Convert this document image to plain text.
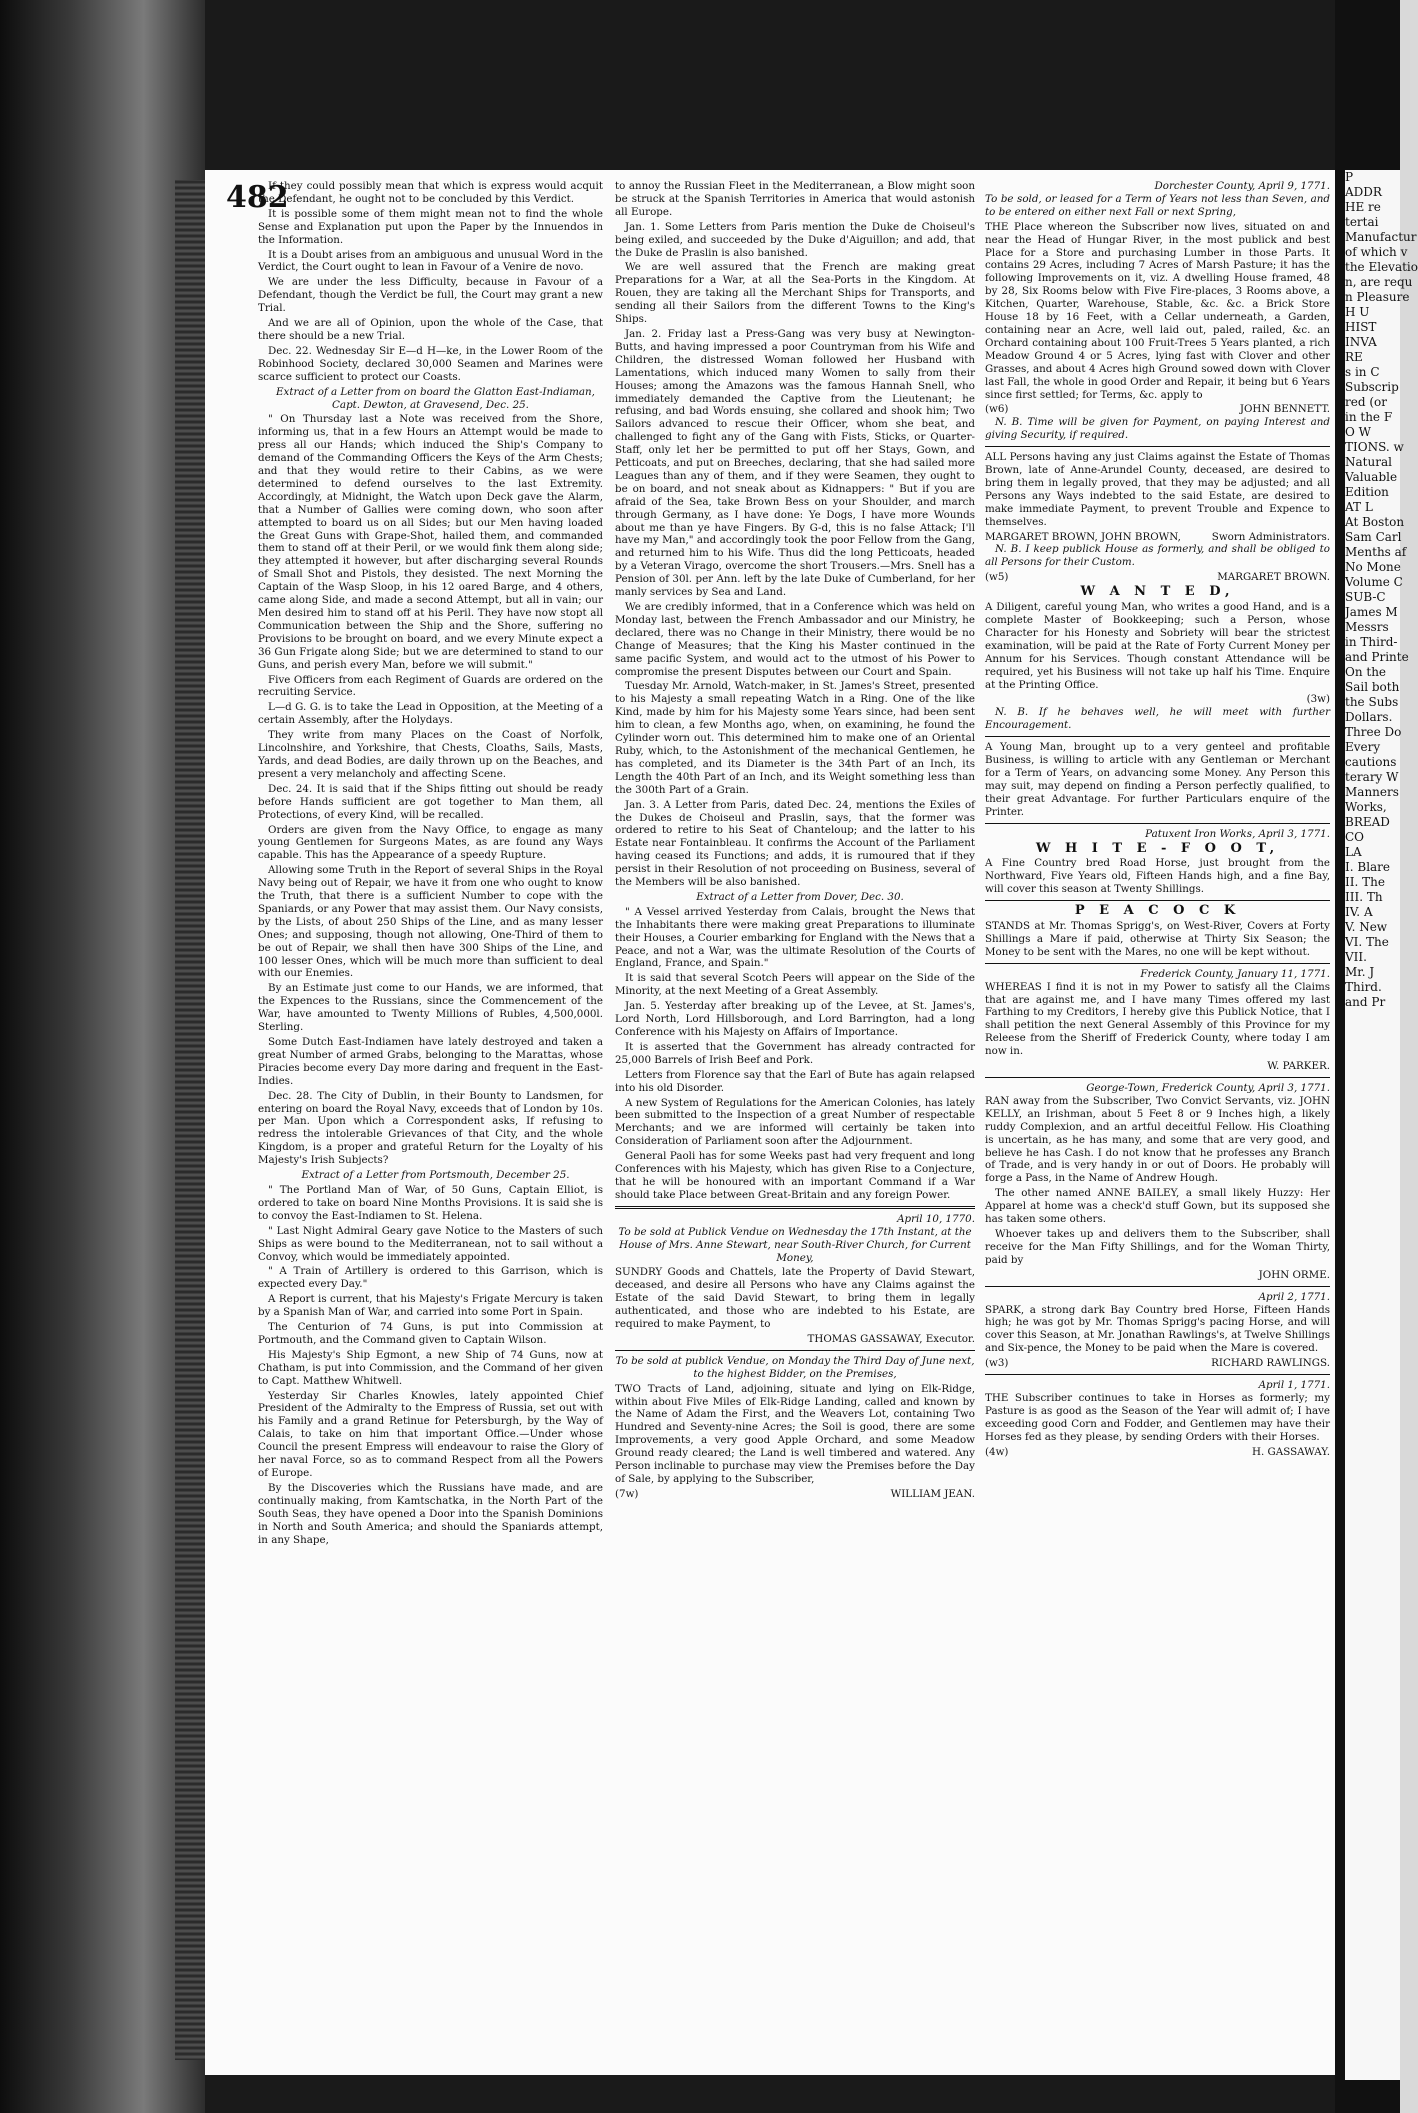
P
ADDR
HE re
tertai
Manufactur
of which v
the Elevatio
n, are requ
n Pleasure
H U
HIST
INVA
RE
s in C
Subscrip
red (or
in the F
O W
TIONS. w
Natural
Valuable
Edition
AT L
At Boston
Sam Carl
Menths af
No Mone
Volume C
SUB-C
James M
Messrs
in Third-
and Printe
On the
Sail both
the Subs
Dollars.
Three Do
Every
cautions
terary W
Manners
Works,
BREAD
CO
LA
I. Blare
II. The
III. Th
IV. A
V. New
VI. The
VII.
Mr. J
Third.
and Pr
482

If they could possibly mean that which is express would acquit the Defendant, he ought not to be concluded by this Verdict.

It is possible some of them might mean not to find the whole Sense and Explanation put upon the Paper by the Innuendos in the Information.

It is a Doubt arises from an ambiguous and unusual Word in the Verdict, the Court ought to lean in Favour of a Venire de novo.

We are under the less Difficulty, because in Favour of a Defendant, though the Verdict be full, the Court may grant a new Trial.

And we are all of Opinion, upon the whole of the Case, that there should be a new Trial.

Dec. 22. Wednesday Sir E—d H—ke, in the Lower Room of the Robinhood Society, declared 30,000 Seamen and Marines were scarce sufficient to protect our Coasts.

Extract of a Letter from on board the Glatton East-Indiaman, Capt. Dewton, at Gravesend, Dec. 25.

" On Thursday last a Note was received from the Shore, informing us, that in a few Hours an Attempt would be made to press all our Hands; which induced the Ship's Company to demand of the Commanding Officers the Keys of the Arm Chests; and that they would retire to their Cabins, as we were determined to defend ourselves to the last Extremity. Accordingly, at Midnight, the Watch upon Deck gave the Alarm, that a Number of Gallies were coming down, who soon after attempted to board us on all Sides; but our Men having loaded the Great Guns with Grape-Shot, hailed them, and commanded them to stand off at their Peril, or we would fink them along side; they attempted it however, but after discharging several Rounds of Small Shot and Pistols, they desisted. The next Morning the Captain of the Wasp Sloop, in his 12 oared Barge, and 4 others, came along Side, and made a second Attempt, but all in vain; our Men desired him to stand off at his Peril. They have now stopt all Communication between the Ship and the Shore, suffering no Provisions to be brought on board, and we every Minute expect a 36 Gun Frigate along Side; but we are determined to stand to our Guns, and perish every Man, before we will submit."

Five Officers from each Regiment of Guards are ordered on the recruiting Service.

L—d G. G. is to take the Lead in Opposition, at the Meeting of a certain Assembly, after the Holydays.

They write from many Places on the Coast of Norfolk, Lincolnshire, and Yorkshire, that Chests, Cloaths, Sails, Masts, Yards, and dead Bodies, are daily thrown up on the Beaches, and present a very melancholy and affecting Scene.

Dec. 24. It is said that if the Ships fitting out should be ready before Hands sufficient are got together to Man them, all Protections, of every Kind, will be recalled.

Orders are given from the Navy Office, to engage as many young Gentlemen for Surgeons Mates, as are found any Ways capable. This has the Appearance of a speedy Rupture.

Allowing some Truth in the Report of several Ships in the Royal Navy being out of Repair, we have it from one who ought to know the Truth, that there is a sufficient Number to cope with the Spaniards, or any Power that may assist them. Our Navy consists, by the Lists, of about 250 Ships of the Line, and as many lesser Ones; and supposing, though not allowing, One-Third of them to be out of Repair, we shall then have 300 Ships of the Line, and 100 lesser Ones, which will be much more than sufficient to deal with our Enemies.

By an Estimate just come to our Hands, we are informed, that the Expences to the Russians, since the Commencement of the War, have amounted to Twenty Millions of Rubles, 4,500,000l. Sterling.

Some Dutch East-Indiamen have lately destroyed and taken a great Number of armed Grabs, belonging to the Marattas, whose Piracies become every Day more daring and frequent in the East-Indies.

Dec. 28. The City of Dublin, in their Bounty to Landsmen, for entering on board the Royal Navy, exceeds that of London by 10s. per Man. Upon which a Correspondent asks, If refusing to redress the intolerable Grievances of that City, and the whole Kingdom, is a proper and grateful Return for the Loyalty of his Majesty's Irish Subjects?

Extract of a Letter from Portsmouth, December 25.

" The Portland Man of War, of 50 Guns, Captain Elliot, is ordered to take on board Nine Months Provisions. It is said she is to convoy the East-Indiamen to St. Helena.

" Last Night Admiral Geary gave Notice to the Masters of such Ships as were bound to the Mediterranean, not to sail without a Convoy, which would be immediately appointed.

" A Train of Artillery is ordered to this Garrison, which is expected every Day."

A Report is current, that his Majesty's Frigate Mercury is taken by a Spanish Man of War, and carried into some Port in Spain.

The Centurion of 74 Guns, is put into Commission at Portmouth, and the Command given to Captain Wilson.

His Majesty's Ship Egmont, a new Ship of 74 Guns, now at Chatham, is put into Commission, and the Command of her given to Capt. Matthew Whitwell.

Yesterday Sir Charles Knowles, lately appointed Chief President of the Admiralty to the Empress of Russia, set out with his Family and a grand Retinue for Petersburgh, by the Way of Calais, to take on him that important Office.—Under whose Council the present Empress will endeavour to raise the Glory of her naval Force, so as to command Respect from all the Powers of Europe.

By the Discoveries which the Russians have made, and are continually making, from Kamtschatka, in the North Part of the South Seas, they have opened a Door into the Spanish Dominions in North and South America; and should the Spaniards attempt, in any Shape,

to annoy the Russian Fleet in the Mediterranean, a Blow might soon be struck at the Spanish Territories in America that would astonish all Europe.

Jan. 1. Some Letters from Paris mention the Duke de Choiseul's being exiled, and succeeded by the Duke d'Aiguillon; and add, that the Duke de Praslin is also banished.

We are well assured that the French are making great Preparations for a War, at all the Sea-Ports in the Kingdom. At Rouen, they are taking all the Merchant Ships for Transports, and sending all their Sailors from the different Towns to the King's Ships.

Jan. 2. Friday last a Press-Gang was very busy at Newington-Butts, and having impressed a poor Countryman from his Wife and Children, the distressed Woman followed her Husband with Lamentations, which induced many Women to sally from their Houses; among the Amazons was the famous Hannah Snell, who immediately demanded the Captive from the Lieutenant; he refusing, and bad Words ensuing, she collared and shook him; Two Sailors advanced to rescue their Officer, whom she beat, and challenged to fight any of the Gang with Fists, Sticks, or Quarter-Staff, only let her be permitted to put off her Stays, Gown, and Petticoats, and put on Breeches, declaring, that she had sailed more Leagues than any of them, and if they were Seamen, they ought to be on board, and not sneak about as Kidnappers: " But if you are afraid of the Sea, take Brown Bess on your Shoulder, and march through Germany, as I have done: Ye Dogs, I have more Wounds about me than ye have Fingers. By G-d, this is no false Attack; I'll have my Man," and accordingly took the poor Fellow from the Gang, and returned him to his Wife. Thus did the long Petticoats, headed by a Veteran Virago, overcome the short Trousers.—Mrs. Snell has a Pension of 30l. per Ann. left by the late Duke of Cumberland, for her manly services by Sea and Land.

We are credibly informed, that in a Conference which was held on Monday last, between the French Ambassador and our Ministry, he declared, there was no Change in their Ministry, there would be no Change of Measures; that the King his Master continued in the same pacific System, and would act to the utmost of his Power to compromise the present Disputes between our Court and Spain.

Tuesday Mr. Arnold, Watch-maker, in St. James's Street, presented to his Majesty a small repeating Watch in a Ring. One of the like Kind, made by him for his Majesty some Years since, had been sent him to clean, a few Months ago, when, on examining, he found the Cylinder worn out. This determined him to make one of an Oriental Ruby, which, to the Astonishment of the mechanical Gentlemen, he has completed, and its Diameter is the 34th Part of an Inch, its Length the 40th Part of an Inch, and its Weight something less than the 300th Part of a Grain.

Jan. 3. A Letter from Paris, dated Dec. 24, mentions the Exiles of the Dukes de Choiseul and Praslin, says, that the former was ordered to retire to his Seat of Chanteloup; and the latter to his Estate near Fontainbleau. It confirms the Account of the Parliament having ceased its Functions; and adds, it is rumoured that if they persist in their Resolution of not proceeding on Business, several of the Members will be also banished.

Extract of a Letter from Dover, Dec. 30.

" A Vessel arrived Yesterday from Calais, brought the News that the Inhabitants there were making great Preparations to illuminate their Houses, a Courier embarking for England with the News that a Peace, and not a War, was the ultimate Resolution of the Courts of England, France, and Spain."

It is said that several Scotch Peers will appear on the Side of the Minority, at the next Meeting of a Great Assembly.

Jan. 5. Yesterday after breaking up of the Levee, at St. James's, Lord North, Lord Hillsborough, and Lord Barrington, had a long Conference with his Majesty on Affairs of Importance.

It is asserted that the Government has already contracted for 25,000 Barrels of Irish Beef and Pork.

Letters from Florence say that the Earl of Bute has again relapsed into his old Disorder.

A new System of Regulations for the American Colonies, has lately been submitted to the Inspection of a great Number of respectable Merchants; and we are informed will certainly be taken into Consideration of Parliament soon after the Adjournment.

General Paoli has for some Weeks past had very frequent and long Conferences with his Majesty, which has given Rise to a Conjecture, that he will be honoured with an important Command if a War should take Place between Great-Britain and any foreign Power.

April 10, 1770.

To be sold at Publick Vendue on Wednesday the 17th Instant, at the House of Mrs. Anne Stewart, near South-River Church, for Current Money,

SUNDRY Goods and Chattels, late the Property of David Stewart, deceased, and desire all Persons who have any Claims against the Estate of the said David Stewart, to bring them in legally authenticated, and those who are indebted to his Estate, are required to make Payment, to

THOMAS GASSAWAY, Executor.

To be sold at publick Vendue, on Monday the Third Day of June next, to the highest Bidder, on the Premises,

TWO Tracts of Land, adjoining, situate and lying on Elk-Ridge, within about Five Miles of Elk-Ridge Landing, called and known by the Name of Adam the First, and the Weavers Lot, containing Two Hundred and Seventy-nine Acres; the Soil is good, there are some Improvements, a very good Apple Orchard, and some Meadow Ground ready cleared; the Land is well timbered and watered. Any Person inclinable to purchase may view the Premises before the Day of Sale, by applying to the Subscriber,

(7w)	WILLIAM JEAN.
Dorchester County, April 9, 1771.

To be sold, or leased for a Term of Years not less than Seven, and to be entered on either next Fall or next Spring,

THE Place whereon the Subscriber now lives, situated on and near the Head of Hungar River, in the most publick and best Place for a Store and purchasing Lumber in those Parts. It contains 29 Acres, including 7 Acres of Marsh Pasture; it has the following Improvements on it, viz. A dwelling House framed, 48 by 28, Six Rooms below with Five Fire-places, 3 Rooms above, a Kitchen, Quarter, Warehouse, Stable, &c. &c. a Brick Store House 18 by 16 Feet, with a Cellar underneath, a Garden, containing near an Acre, well laid out, paled, railed, &c. an Orchard containing about 100 Fruit-Trees 5 Years planted, a rich Meadow Ground 4 or 5 Acres, lying fast with Clover and other Grasses, and about 4 Acres high Ground sowed down with Clover last Fall, the whole in good Order and Repair, it being but 6 Years since first settled; for Terms, &c. apply to

(w6)	JOHN BENNETT.

N. B. Time will be given for Payment, on paying Interest and giving Security, if required.

ALL Persons having any just Claims against the Estate of Thomas Brown, late of Anne-Arundel County, deceased, are desired to bring them in legally proved, that they may be adjusted; and all Persons any Ways indebted to the said Estate, are desired to make immediate Payment, to prevent Trouble and Expence to themselves.

MARGARET BROWN, JOHN BROWN,	Sworn Administrators.

N. B. I keep publick House as formerly, and shall be obliged to all Persons for their Custom.

(w5)	MARGARET BROWN.
W A N T E D,

A Diligent, careful young Man, who writes a good Hand, and is a complete Master of Bookkeeping; such a Person, whose Character for his Honesty and Sobriety will bear the strictest examination, will be paid at the Rate of Forty Current Money per Annum for his Services. Though constant Attendance will be required, yet his Business will not take up half his Time. Enquire at the Printing Office.

(3w)

N. B. If he behaves well, he will meet with further Encouragement.

A Young Man, brought up to a very genteel and profitable Business, is willing to article with any Gentleman or Merchant for a Term of Years, on advancing some Money. Any Person this may suit, may depend on finding a Person perfectly qualified, to their great Advantage. For further Particulars enquire of the Printer.

Patuxent Iron Works, April 3, 1771.
W H I T E - F O O T,

A Fine Country bred Road Horse, just brought from the Northward, Five Years old, Fifteen Hands high, and a fine Bay, will cover this season at Twenty Shillings.

P E A C O C K

STANDS at Mr. Thomas Sprigg's, on West-River, Covers at Forty Shillings a Mare if paid, otherwise at Thirty Six Season; the Money to be sent with the Mares, no one will be kept without.

Frederick County, January 11, 1771.

WHEREAS I find it is not in my Power to satisfy all the Claims that are against me, and I have many Times offered my last Farthing to my Creditors, I hereby give this Publick Notice, that I shall petition the next General Assembly of this Province for my Releese from the Sheriff of Frederick County, where today I am now in.

W. PARKER.
George-Town, Frederick County, April 3, 1771.

RAN away from the Subscriber, Two Convict Servants, viz. JOHN KELLY, an Irishman, about 5 Feet 8 or 9 Inches high, a likely ruddy Complexion, and an artful deceitful Fellow. His Cloathing is uncertain, as he has many, and some that are very good, and believe he has Cash. I do not know that he professes any Branch of Trade, and is very handy in or out of Doors. He probably will forge a Pass, in the Name of Andrew Hough.

The other named ANNE BAILEY, a small likely Huzzy: Her Apparel at home was a check'd stuff Gown, but its supposed she has taken some others.

Whoever takes up and delivers them to the Subscriber, shall receive for the Man Fifty Shillings, and for the Woman Thirty, paid by

JOHN ORME.
April 2, 1771.

SPARK, a strong dark Bay Country bred Horse, Fifteen Hands high; he was got by Mr. Thomas Sprigg's pacing Horse, and will cover this Season, at Mr. Jonathan Rawlings's, at Twelve Shillings and Six-pence, the Money to be paid when the Mare is covered.

(w3)	RICHARD RAWLINGS.
April 1, 1771.

THE Subscriber continues to take in Horses as formerly; my Pasture is as good as the Season of the Year will admit of; I have exceeding good Corn and Fodder, and Gentlemen may have their Horses fed as they please, by sending Orders with their Horses.

(4w)	H. GASSAWAY.
